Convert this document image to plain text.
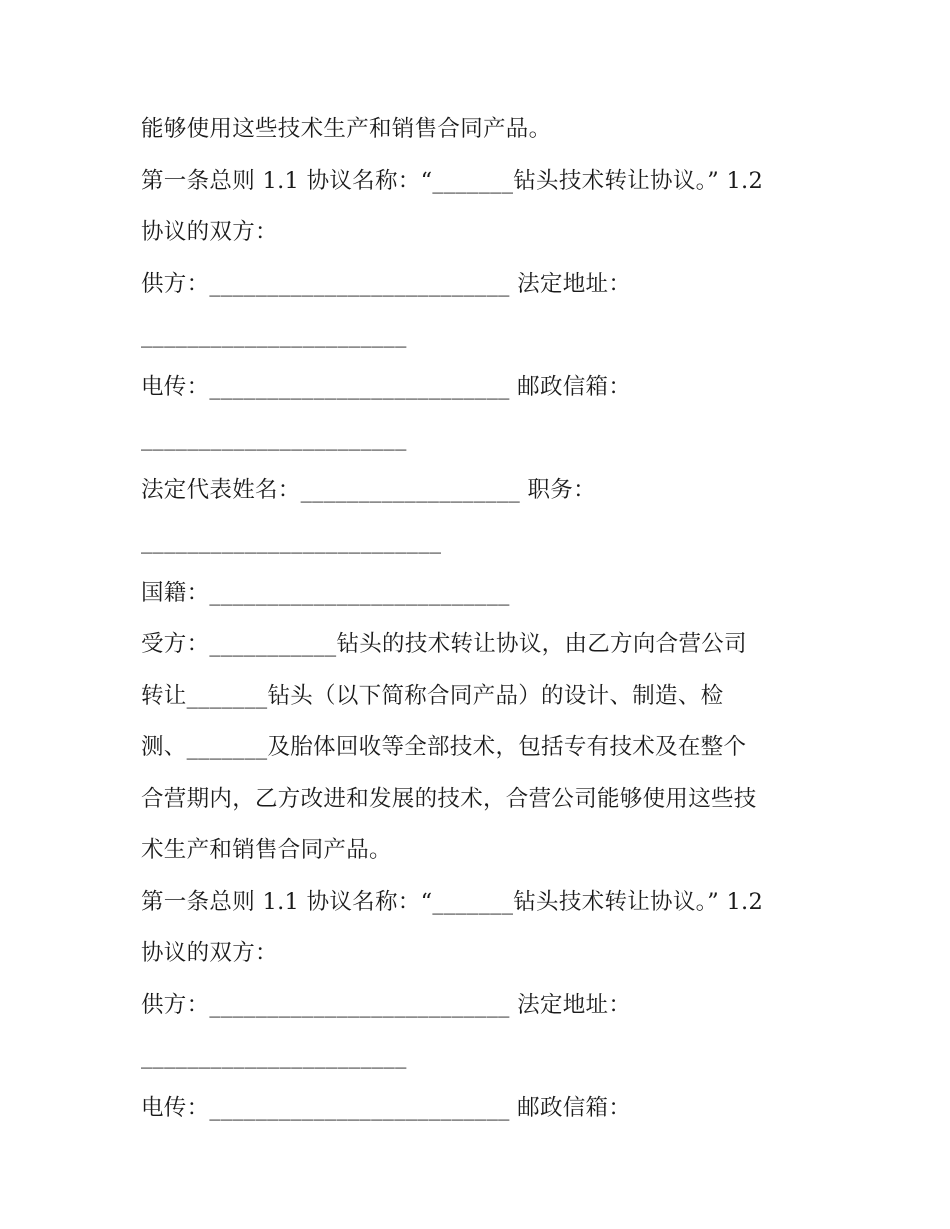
能够使用这些技术生产和销售合同产品。
第一条总则 1.1 协议名称：“_______钻头技术转让协议。” 1.2
协议的双方：
供方：__________________________ 法定地址：
_______________________
电传：__________________________ 邮政信箱：
_______________________
法定代表姓名：___________________ 职务：
__________________________
国籍：__________________________
受方：___________钻头的技术转让协议，由乙方向合营公司
转让_______钻头（以下简称合同产品）的设计、制造、检
测、_______及胎体回收等全部技术，包括专有技术及在整个
合营期内，乙方改进和发展的技术，合营公司能够使用这些技
术生产和销售合同产品。
第一条总则 1.1 协议名称：“_______钻头技术转让协议。” 1.2
协议的双方：
供方：__________________________ 法定地址：
_______________________
电传：__________________________ 邮政信箱：
